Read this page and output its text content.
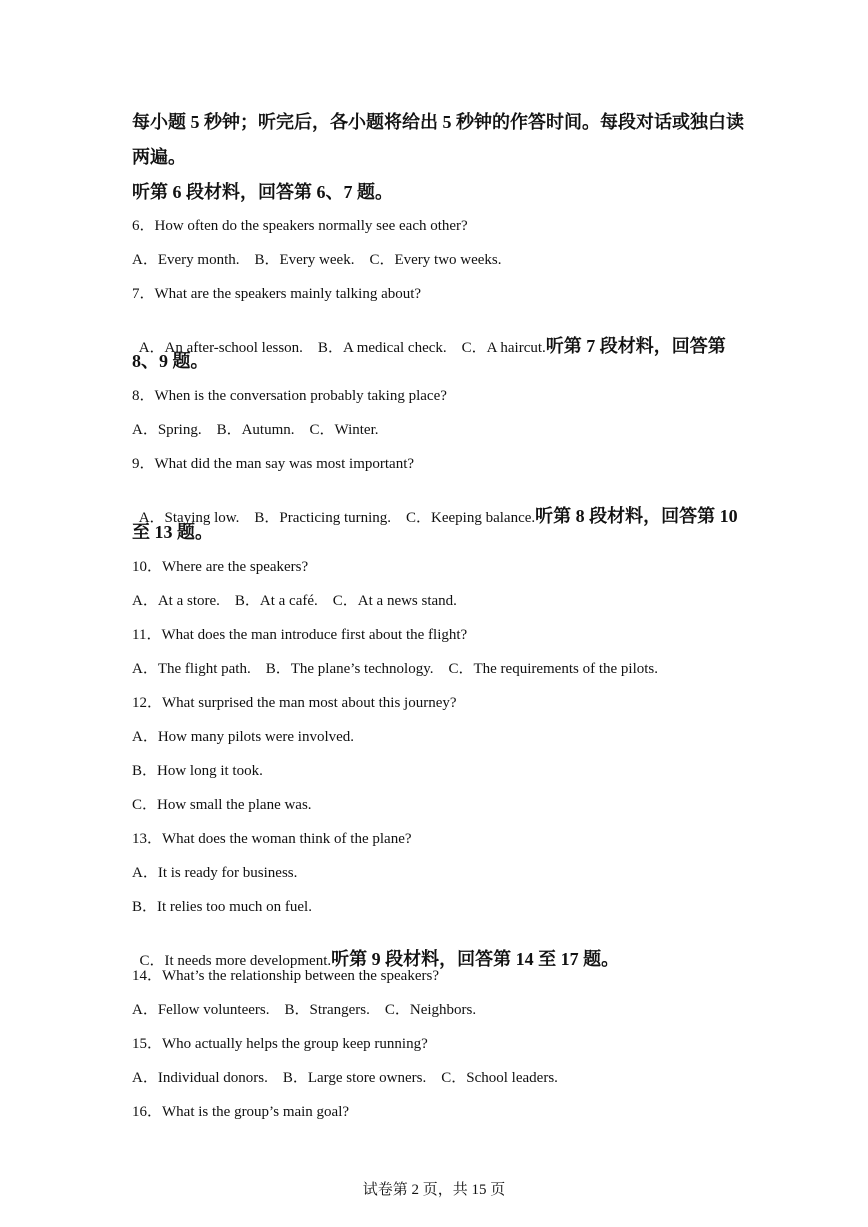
每小题 5 秒钟；听完后，各小题将给出 5 秒钟的作答时间。每段对话或独白读
两遍。
听第 6 段材料，回答第 6、7 题。
6．How often do the speakers normally see each other?
A．Every month.    B．Every week.    C．Every two weeks.
7．What are the speakers mainly talking about?

A．An after-school lesson.    B．A medical check.    C．A haircut.听第 7 段材料，回答第

8、9 题。
8．When is the conversation probably taking place?
A．Spring.    B．Autumn.    C．Winter.
9．What did the man say was most important?

A．Staying low.    B．Practicing turning.    C．Keeping balance.听第 8 段材料，回答第 10

至 13 题。
10．Where are the speakers?
A．At a store.    B．At a café.    C．At a news stand.
11．What does the man introduce first about the flight?
A．The flight path.    B．The plane’s technology.    C．The requirements of the pilots.
12．What surprised the man most about this journey?
A．How many pilots were involved.
B．How long it took.
C．How small the plane was.
13．What does the woman think of the plane?
A．It is ready for business.
B．It relies too much on fuel.

C．It needs more development.听第 9 段材料，回答第 14 至 17 题。

14．What’s the relationship between the speakers?
A．Fellow volunteers.    B．Strangers.    C．Neighbors.
15．Who actually helps the group keep running?
A．Individual donors.    B．Large store owners.    C．School leaders.
16．What is the group’s main goal?
试卷第 2 页，共 15 页
